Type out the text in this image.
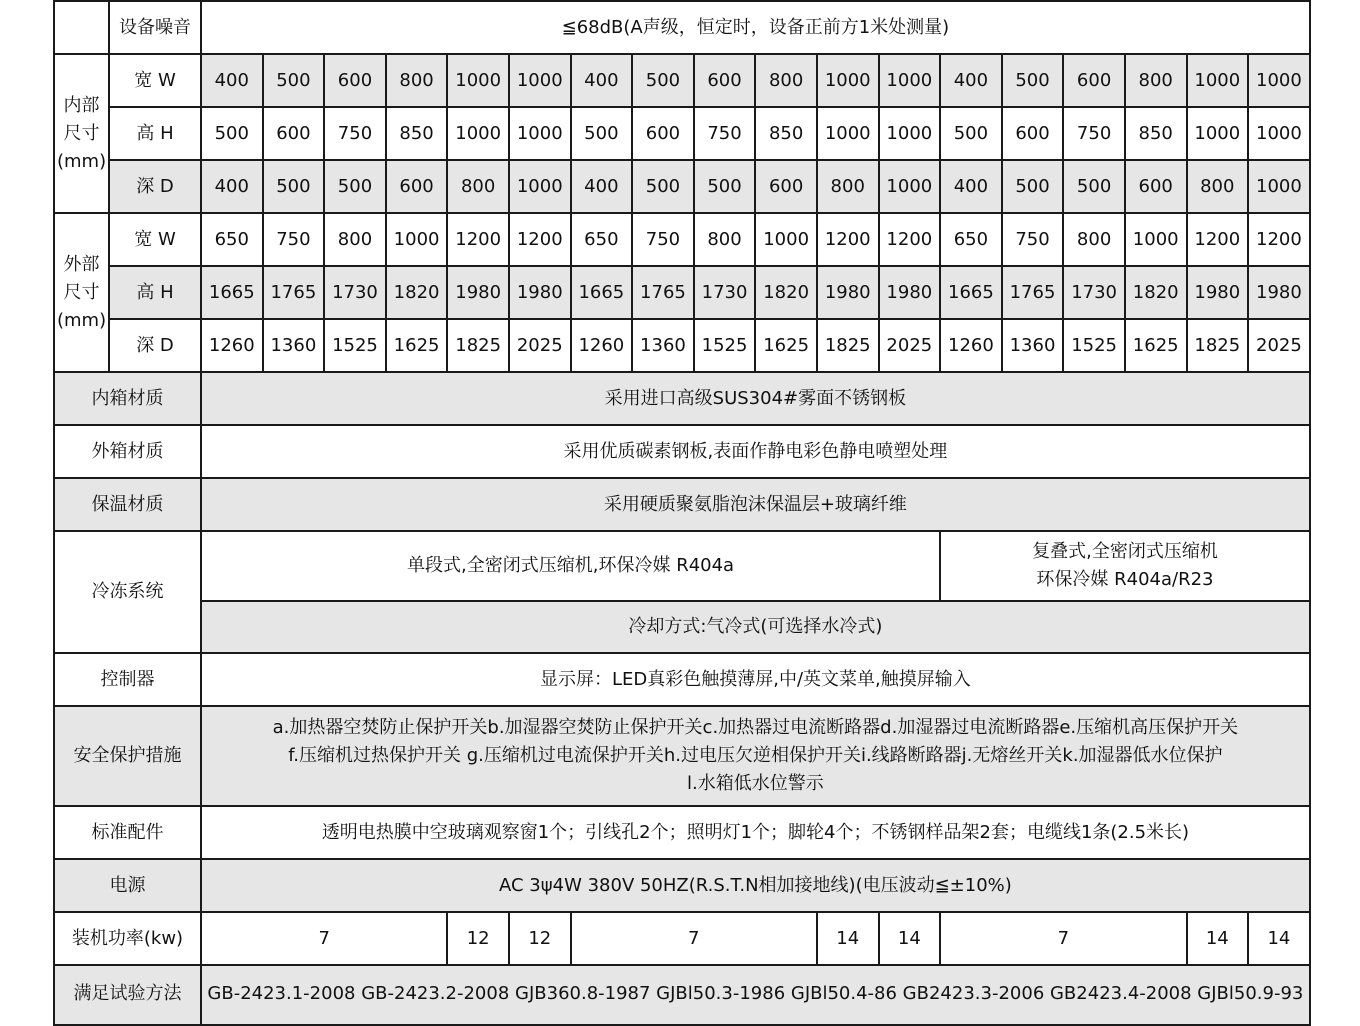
	设备噪音	≦68dB(A声级，恒定时，设备正前方1米处测量)																	
内部尺寸(mm)	宽 W	400	500	600	800	1000	1000	400	500	600	800	1000	1000	400	500	600	800	1000	1000
	高 H	500	600	750	850	1000	1000	500	600	750	850	1000	1000	500	600	750	850	1000	1000
	深 D	400	500	500	600	800	1000	400	500	500	600	800	1000	400	500	500	600	800	1000
外部尺寸(mm)	宽 W	650	750	800	1000	1200	1200	650	750	800	1000	1200	1200	650	750	800	1000	1200	1200
	高 H	1665	1765	1730	1820	1980	1980	1665	1765	1730	1820	1980	1980	1665	1765	1730	1820	1980	1980
	深 D	1260	1360	1525	1625	1825	2025	1260	1360	1525	1625	1825	2025	1260	1360	1525	1625	1825	2025
内箱材质		采用进口高级SUS304#雾面不锈钢板																	
外箱材质		采用优质碳素钢板,表面作静电彩色静电喷塑处理																	
保温材质		采用硬质聚氨脂泡沫保温层+玻璃纤维																	
冷冻系统		单段式,全密闭式压缩机,环保冷媒 R404a												复叠式,全密闭式压缩机
环保冷媒 R404a/R23					
		冷却方式:气冷式(可选择水冷式)																	
控制器		显示屏：LED真彩色触摸薄屏,中/英文菜单,触摸屏输入																	
安全保护措施		a.加热器空焚防止保护开关b.加湿器空焚防止保护开关c.加热器过电流断路器d.加湿器过电流断路器e.压缩机高压保护开关
f.压缩机过热保护开关 g.压缩机过电流保护开关h.过电压欠逆相保护开关i.线路断路器j.无熔丝开关k.加湿器低水位保护
l.水箱低水位警示																	
标准配件		透明电热膜中空玻璃观察窗1个；引线孔2个；照明灯1个；脚轮4个；不锈钢样品架2套；电缆线1条(2.5米长)																	
电源		AC 3ψ4W 380V 50HZ(R.S.T.N相加接地线)(电压波动≦±10%)																	
装机功率(kw)		7				12	12	7				14	14	7				14	14
满足试验方法		GB-2423.1-2008 GB-2423.2-2008 GJB360.8-1987 GJBl50.3-1986 GJBl50.4-86 GB2423.3-2006 GB2423.4-2008 GJBl50.9-93																	
